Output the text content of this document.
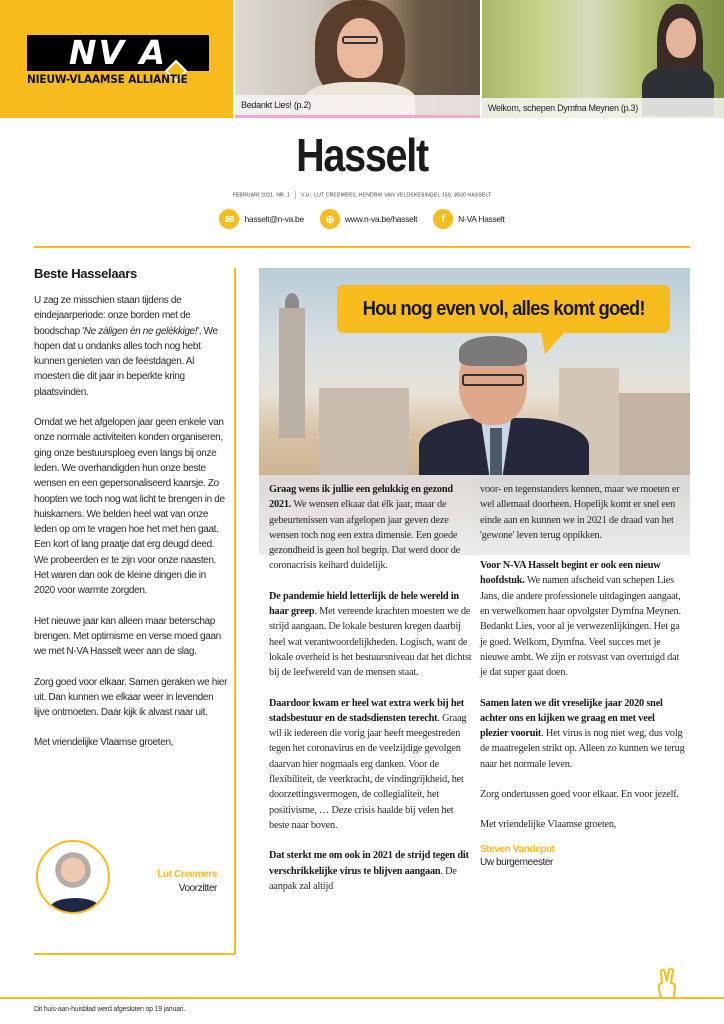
NV A
NIEUW-VLAAMSE ALLIANTIE
Bedankt Lies! (p.2)	Welkom, schepen Dymfna Meynen (p.3)
Hasselt
FEBRUARI 2021, NR. 1 V.U.: LUT CREEMERS, HENDRIK VAN VELDEKESINGEL 150, 3500 HASSELT
✉	hasselt@n-va.be	⊕	www.n-va.be/hasselt	f	N-VA Hasselt
Beste Hasselaars

U zag ze misschien staan tijdens de eindejaarperiode: onze borden met de boodschap 'Ne zàligen èn ne gelèkkige!'. We hopen dat u ondanks alles toch nog hebt kunnen genieten van de feestdagen. Al moesten die dit jaar in beperkte kring plaatsvinden.

Omdat we het afgelopen jaar geen enkele van onze normale activiteiten konden organiseren, ging onze bestuursploeg even langs bij onze leden. We overhandigden hun onze beste wensen en een gepersonaliseerd kaarsje. Zo hoopten we toch nog wat licht te brengen in de huiskamers. We belden heel wat van onze leden op om te vragen hoe het met hen gaat. Een kort of lang praatje dat erg deugd deed. We probeerden er te zijn voor onze naasten. Het waren dan ook de kleine dingen die in 2020 voor warmte zorgden.

Het nieuwe jaar kan alleen maar beterschap brengen. Met optimisme en verse moed gaan we met N-VA Hasselt weer aan de slag.

Zorg goed voor elkaar. Samen geraken we hier uit. Dan kunnen we elkaar weer in levenden lijve ontmoeten. Daar kijk ik alvast naar uit.

Met vriendelijke Vlaamse groeten,

Lut Creemers
Voorzitter
Hou nog even vol, alles komt goed!

Graag wens ik jullie een gelukkig en gezond 2021. We wensen elkaar dat élk jaar, maar de gebeurtenissen van afgelopen jaar geven deze wensen toch nog een extra dimensie. Een goede gezondheid is geen hol begrip. Dat werd door de coronacrisis keihard duidelijk.

De pandemie hield letterlijk de hele wereld in haar greep. Met vereende krachten moesten we de strijd aangaan. De lokale besturen kregen daarbij heel wat verantwoordelijkheden. Logisch, want de lokale overheid is het bestuursniveau dat het dichtst bij de leefwereld van de mensen staat.

Daardoor kwam er heel wat extra werk bij het stadsbestuur en de stadsdiensten terecht. Graag wil ik iedereen die vorig jaar heeft meegestreden tegen het coronavirus en de veelzijdige gevolgen daarvan hier nogmaals erg danken. Voor de flexibiliteit, de veerkracht, de vindingrijkheid, het doorzettingsvermogen, de collegialiteit, het positivisme, … Deze crisis haalde bij velen het beste naar boven.

Dat sterkt me om ook in 2021 de strijd tegen dit verschrikkelijke virus te blijven aangaan. De aanpak zal altijd

voor- en tegenstanders kennen, maar we moeten er wel allemaal doorheen. Hopelijk komt er snel een einde aan en kunnen we in 2021 de draad van het 'gewone' leven terug oppikken.

Voor N-VA Hasselt begint er ook een nieuw hoofdstuk. We namen afscheid van schepen Lies Jans, die andere professionele uitdagingen aangaat, en verwelkomen haar opvolgster Dymfna Meynen. Bedankt Lies, voor al je verwezenlijkingen. Het ga je goed. Welkom, Dymfna. Veel succes met je nieuwe ambt. We zijn er rotsvast van overtuigd dat je dat super gaat doen.

Samen laten we dit vreselijke jaar 2020 snel achter ons en kijken we graag en met veel plezier vooruit. Het virus is nog niet weg, dus volg de maatregelen strikt op. Alleen zo kunnen we terug naar het normale leven.

Zorg ondertussen goed voor elkaar. En voor jezelf.

Met vriendelijke Vlaamse groeten,

Steven Vandeput
Uw burgemeester
Dit huis-aan-huisblad werd afgesloten op 19 januari.
